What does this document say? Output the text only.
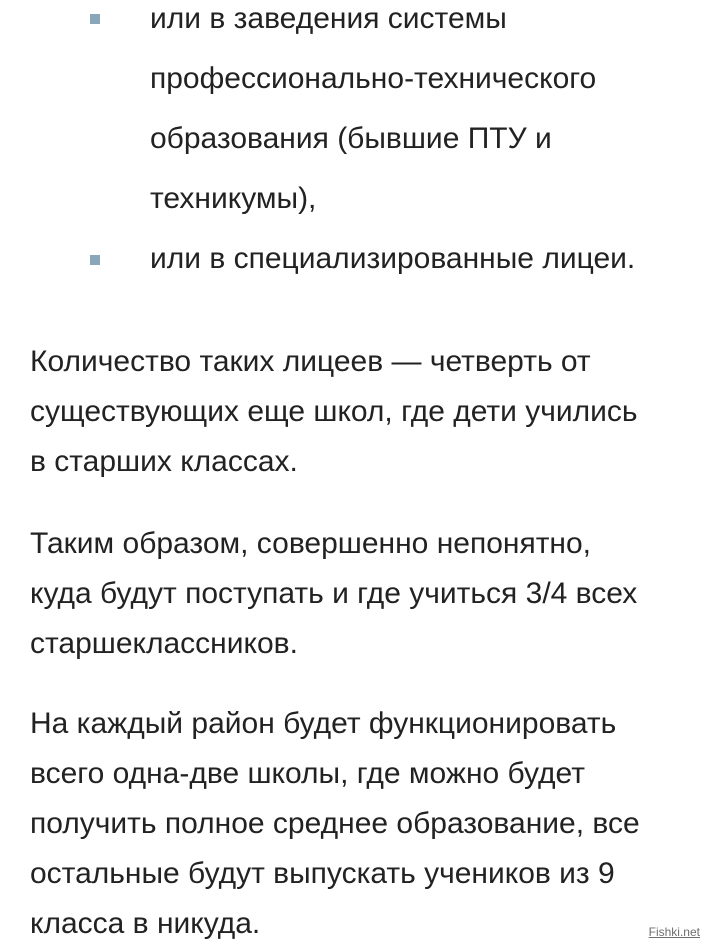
или в заведения системы
профессионально-технического
образования (бывшие ПТУ и
техникумы),
или в специализированные лицеи.
Количество таких лицеев — четверть от
существующих еще школ, где дети учились
в старших классах.
Таким образом, совершенно непонятно,
куда будут поступать и где учиться 3/4 всех
старшеклассников.
На каждый район будет функционировать
всего одна-две школы, где можно будет
получить полное среднее образование, все
остальные будут выпускать учеников из 9
класса в никуда.	Fishki.net
